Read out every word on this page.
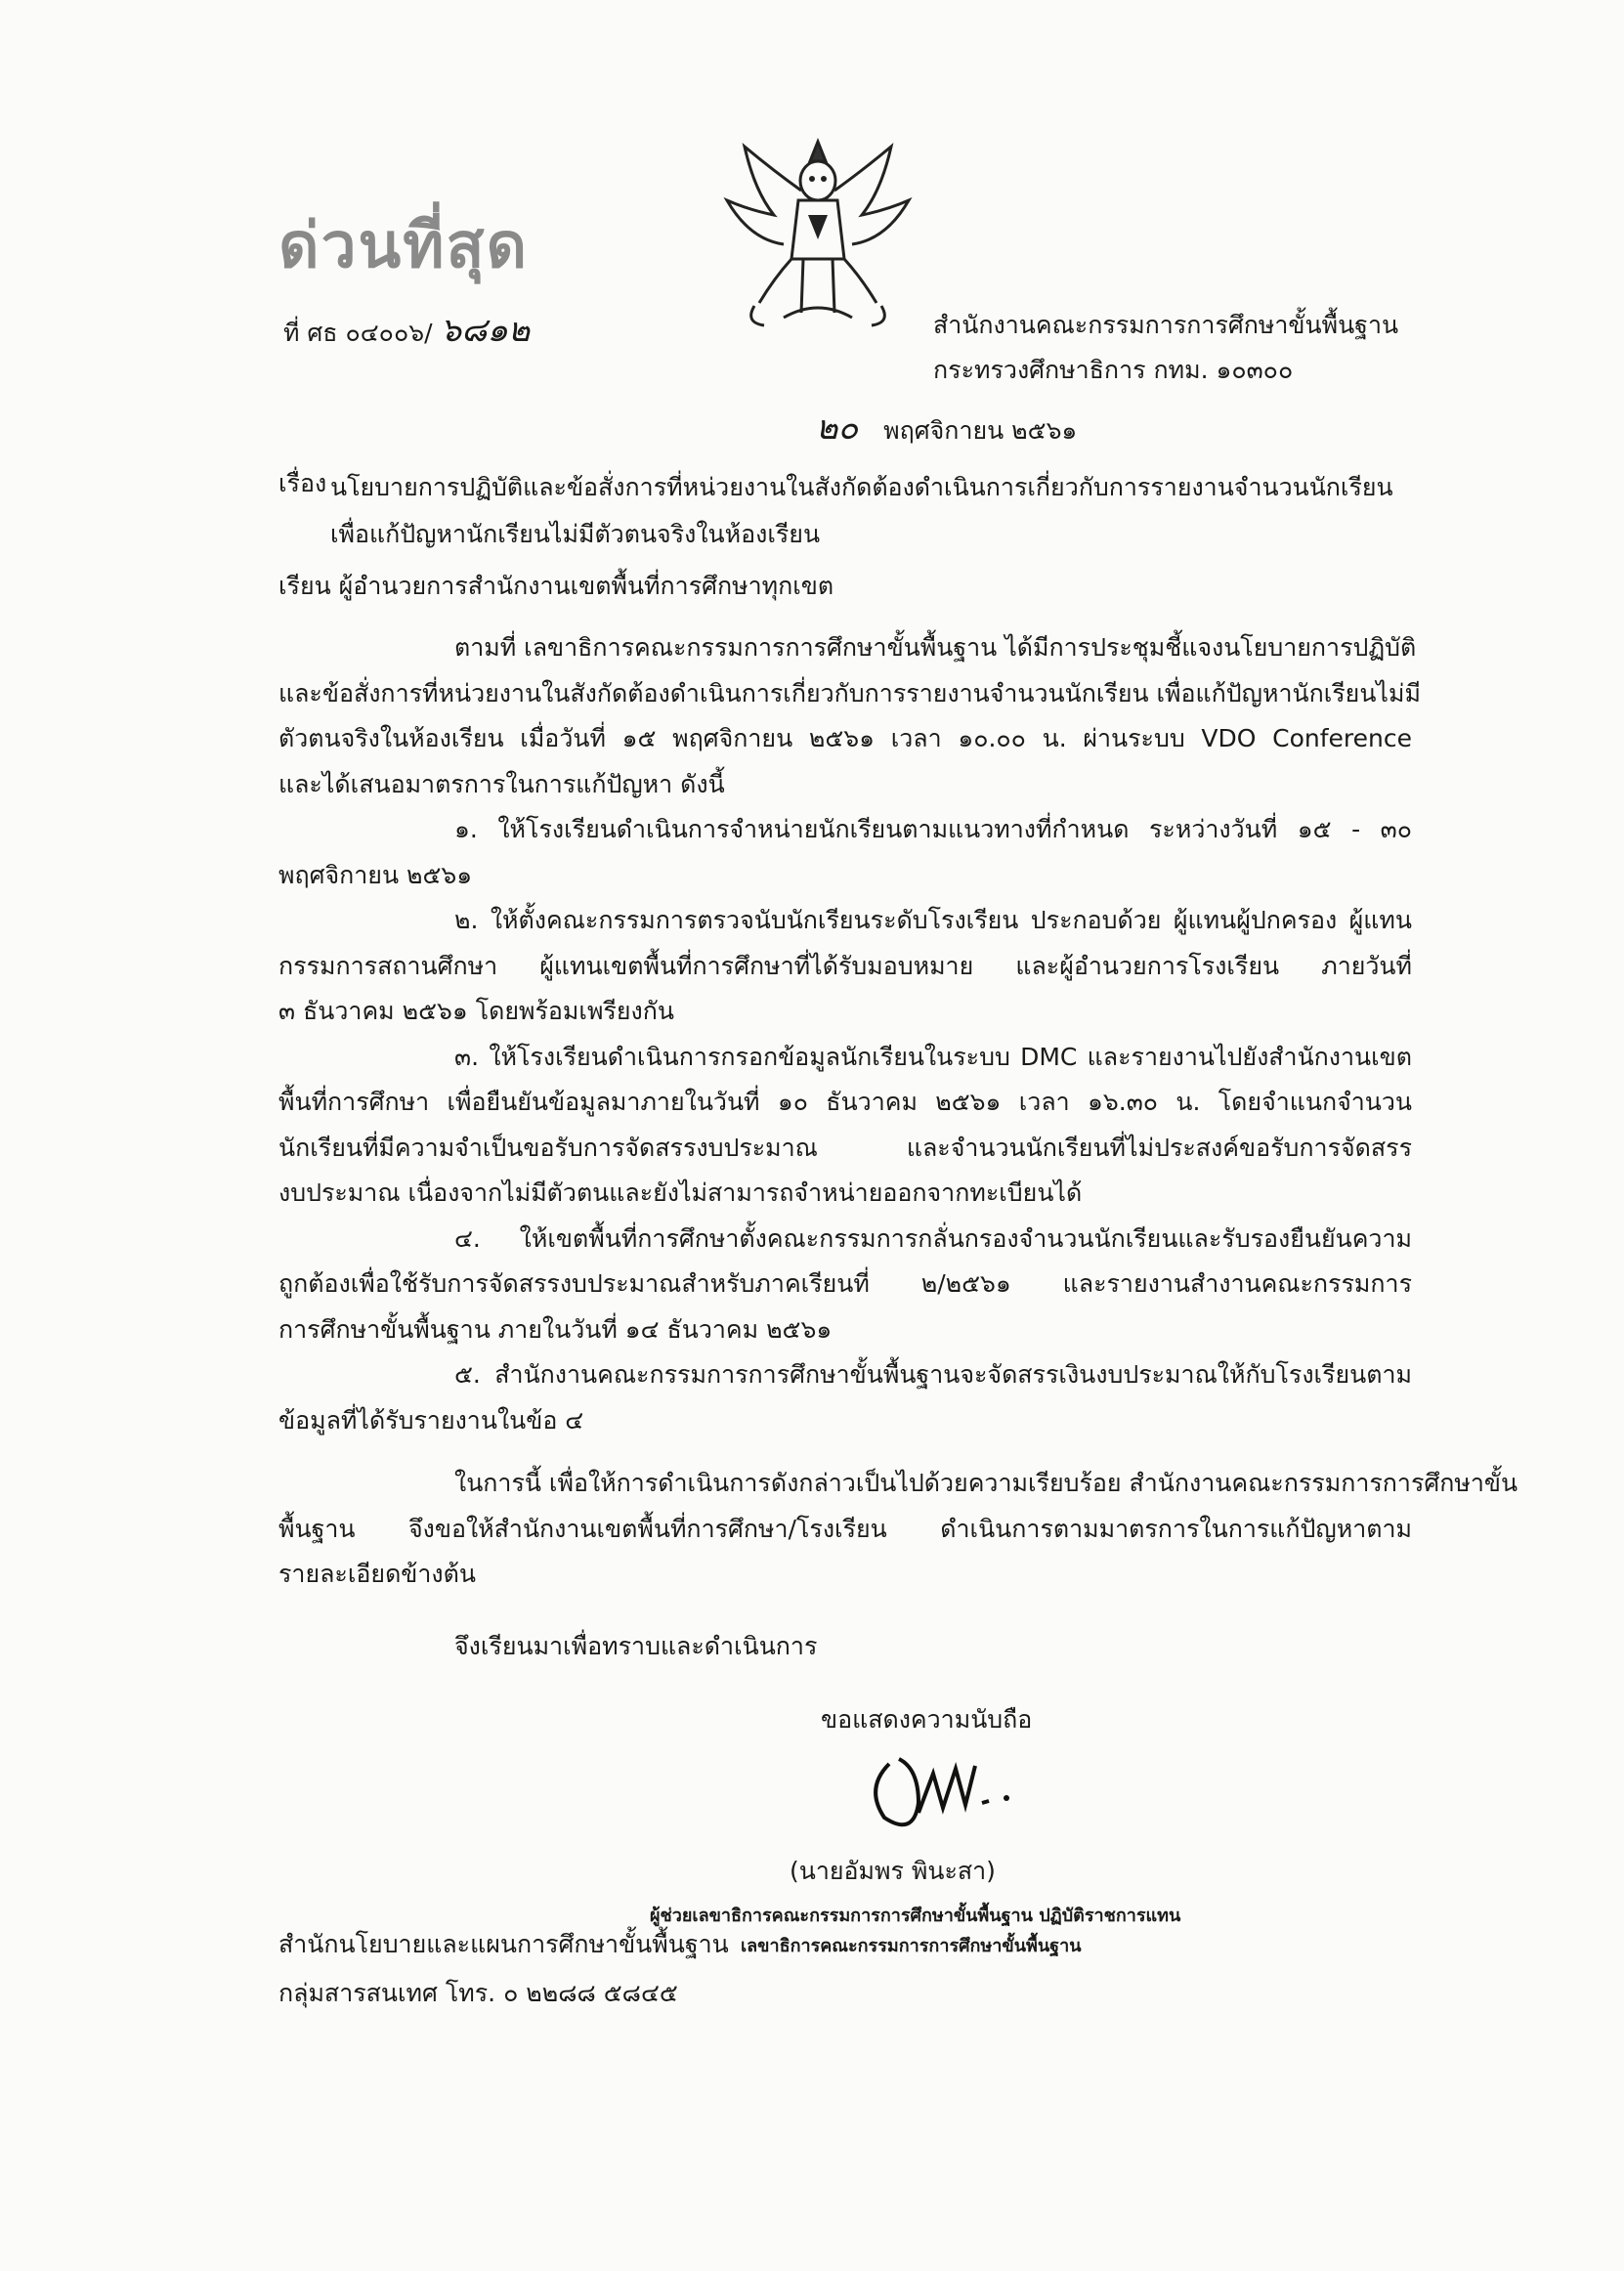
ด่วนที่สุด
ที่ ศธ ๐๔๐๐๖/ ๖๘๑๒	สำนักงานคณะกรรมการการศึกษาขั้นพื้นฐาน
กระทรวงศึกษาธิการ กทม. ๑๐๓๐๐
๒๐ พฤศจิกายน ๒๕๖๑
เรื่อง นโยบายการปฏิบัติและข้อสั่งการที่หน่วยงานในสังกัดต้องดำเนินการเกี่ยวกับการรายงานจำนวนนักเรียน
เพื่อแก้ปัญหานักเรียนไม่มีตัวตนจริงในห้องเรียน
เรียน ผู้อำนวยการสำนักงานเขตพื้นที่การศึกษาทุกเขต
ตามที่ เลขาธิการคณะกรรมการการศึกษาขั้นพื้นฐาน ได้มีการประชุมชี้แจงนโยบายการปฏิบัติ
และข้อสั่งการที่หน่วยงานในสังกัดต้องดำเนินการเกี่ยวกับการรายงานจำนวนนักเรียน เพื่อแก้ปัญหานักเรียนไม่มี
ตัวตนจริงในห้องเรียน เมื่อวันที่ ๑๕ พฤศจิกายน ๒๕๖๑ เวลา ๑๐.๐๐ น. ผ่านระบบ VDO Conference
และได้เสนอมาตรการในการแก้ปัญหา ดังนี้
๑. ให้โรงเรียนดำเนินการจำหน่ายนักเรียนตามแนวทางที่กำหนด ระหว่างวันที่ ๑๕ - ๓๐
พฤศจิกายน ๒๕๖๑
๒. ให้ตั้งคณะกรรมการตรวจนับนักเรียนระดับโรงเรียน ประกอบด้วย ผู้แทนผู้ปกครอง ผู้แทน
กรรมการสถานศึกษา ผู้แทนเขตพื้นที่การศึกษาที่ได้รับมอบหมาย และผู้อำนวยการโรงเรียน ภายวันที่
๓ ธันวาคม ๒๕๖๑ โดยพร้อมเพรียงกัน
๓. ให้โรงเรียนดำเนินการกรอกข้อมูลนักเรียนในระบบ DMC และรายงานไปยังสำนักงานเขต
พื้นที่การศึกษา เพื่อยืนยันข้อมูลมาภายในวันที่ ๑๐ ธันวาคม ๒๕๖๑ เวลา ๑๖.๓๐ น. โดยจำแนกจำนวน
นักเรียนที่มีความจำเป็นขอรับการจัดสรรงบประมาณ และจำนวนนักเรียนที่ไม่ประสงค์ขอรับการจัดสรร
งบประมาณ เนื่องจากไม่มีตัวตนและยังไม่สามารถจำหน่ายออกจากทะเบียนได้
๔. ให้เขตพื้นที่การศึกษาตั้งคณะกรรมการกลั่นกรองจำนวนนักเรียนและรับรองยืนยันความ
ถูกต้องเพื่อใช้รับการจัดสรรงบประมาณสำหรับภาคเรียนที่ ๒/๒๕๖๑ และรายงานสำงานคณะกรรมการ
การศึกษาขั้นพื้นฐาน ภายในวันที่ ๑๔ ธันวาคม ๒๕๖๑
๕. สำนักงานคณะกรรมการการศึกษาขั้นพื้นฐานจะจัดสรรเงินงบประมาณให้กับโรงเรียนตาม
ข้อมูลที่ได้รับรายงานในข้อ ๔
ในการนี้ เพื่อให้การดำเนินการดังกล่าวเป็นไปด้วยความเรียบร้อย สำนักงานคณะกรรมการการศึกษาขั้น
พื้นฐาน จึงขอให้สำนักงานเขตพื้นที่การศึกษา/โรงเรียน ดำเนินการตามมาตรการในการแก้ปัญหาตาม
รายละเอียดข้างต้น
จึงเรียนมาเพื่อทราบและดำเนินการ
ขอแสดงความนับถือ
(นายอัมพร พินะสา)
ผู้ช่วยเลขาธิการคณะกรรมการการศึกษาขั้นพื้นฐาน ปฏิบัติราชการแทน
เลขาธิการคณะกรรมการการศึกษาขั้นพื้นฐาน
สำนักนโยบายและแผนการศึกษาขั้นพื้นฐาน
กลุ่มสารสนเทศ โทร. ๐ ๒๒๘๘ ๕๘๔๕
